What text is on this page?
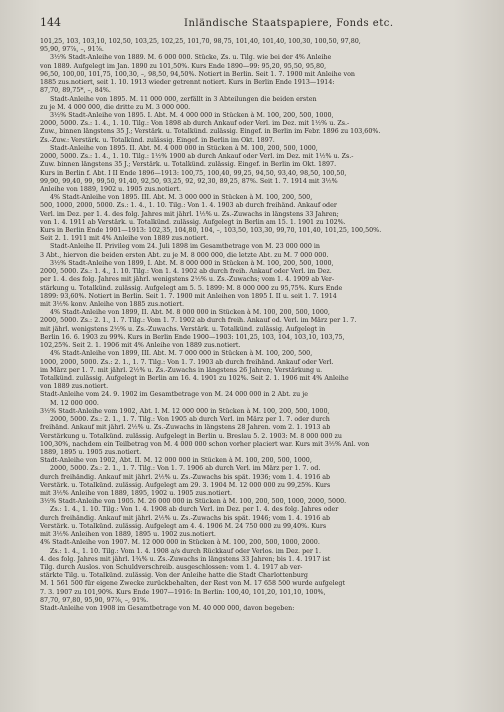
144	Inländische Staatspapiere, Fonds etc.

101,25, 103, 103,10, 102,50, 103,25, 102,25, 101,70, 98,75, 101,40, 101,40, 100,30, 100,50, 97,80,

95,90, 97⅞, –, 91⅞.

3½% Stadt-Anleihe von 1889. M. 6 000 000. Stücke, Zs. u. Tilg. wie bei der 4% Anleihe

von 1889. Aufgelegt im Jan. 1890 zu 101,50%. Kurs Ende 1890—99: 95,20, 95,50, 95,80,

96,50, 100,00, 101,75, 100,30, –, 98,50, 94,50%. Notiert in Berlin. Seit 1. 7. 1900 mit Anleihe von

1885 zus.notiert, seit 1. 10. 1913 wieder getrennt notiert. Kurs in Berlin Ende 1913—1914:

87,70, 89,75*, –, 84%.

Stadt-Anleihe von 1895. M. 11 000 000, zerfällt in 3 Abteilungen die beiden ersten

zu je M. 4 000 000, die dritte zu M. 3 000 000.

3½% Stadt-Anleihe von 1895. I. Abt. M. 4 000 000 in Stücken à M. 100, 200, 500, 1000,

2000, 5000. Zs.: 1. 4., 1. 10. Tilg.: Von 1898 ab durch Ankauf oder Verl. im Dez. mit 1½% u. Zs.-

Zuw., binnen längstens 35 J.; Verstärk. u. Totalkünd. zulässig. Eingef. in Berlin im Febr. 1896 zu 103,60%.

Zs.-Zuw.: Verstärk. u. Totalkünd. zulässig. Eingef. in Berlin im Okt. 1897.

Stadt-Anleihe von 1895. II. Abt. M. 4 000 000 in Stücken à M. 100, 200, 500, 1000,

2000, 5000. Zs.: 1. 4., 1. 10. Tilg.: 1½% 1900 ab durch Ankauf oder Verl. im Dez. mit 1½% u. Zs.-

Zuw. binnen längstens 35 J.; Verstärk. u. Totalkünd. zulässig. Eingef. in Berlin im Okt. 1897.

Kurs in Berlin f. Abt. I II Ende 1896—1913: 100,75, 100,40, 99,25, 94,50, 93,40, 98,50, 100,50,

99,90, 99,40, 99, 99,50, 91,40, 92,50, 93,25, 92, 92,30, 89,25, 87%. Seit 1. 7. 1914 mit 3½%

Anleihe von 1889, 1902 u. 1905 zus.notiert.

4% Stadt-Anleihe von 1895. III. Abt. M. 3 000 000 in Stücken à M. 100, 200, 500,

500, 1000, 2000, 5000. Zs.: 1. 4., 1. 10. Tilg.: Von 1. 4. 1903 ab durch freihänd. Ankauf oder

Verl. im Dez. per 1. 4. des folg. Jahres mit jährl. 1½% u. Zs.-Zuwachs in längstens 33 Jahren;

von 1. 4. 1911 ab Verstärk. u. Totalkünd. zulässig. Aufgelegt in Berlin am 15. 1. 1901 zu 102%.

Kurs in Berlin Ende 1901—1913: 102,35, 104,80, 104, –, 103,50, 103,30, 99,70, 101,40, 101,25, 100,50%.

Seit 2. 1. 1911 mit 4% Anleihe von 1889 zus.notiert.

Stadt-Anleihe II. Privileg vom 24. Juli 1898 im Gesamtbetrage von M. 23 000 000 in

3 Abt., hiervon die beiden ersten Abt. zu je M. 8 000 000, die letzte Abt. zu M. 7 000 000.

3½% Stadt-Anleihe von 1899, I. Abt. M. 8 000 000 in Stücken à M. 100, 200, 500, 1000,

2000, 5000. Zs.: 1. 4., 1. 10. Tilg.: Von 1. 4. 1902 ab durch freih. Ankauf oder Verl. im Dez.

per 1. 4. des folg. Jahres mit jährl. wenigstens 2½% u. Zs.-Zuwachs; vom 1. 4. 1909 ab Ver-

stärkung u. Totalkünd. zulässig. Aufgelegt am 5. 5. 1899: M. 8 000 000 zu 95,75%. Kurs Ende

1899: 93,60%. Notiert in Berlin. Seit 1. 7. 1900 mit Anleihen von 1895 I. II u. seit 1. 7. 1914

mit 3½% konv. Anleihe von 1885 zus.notiert.

4% Stadt-Anleihe von 1899, II. Abt. M. 8 000 000 in Stücken à M. 100, 200, 500, 1000,

2000, 5000. Zs.: 2. 1., 1. 7. Tilg.: Vom 1. 7. 1902 ab durch freih. Ankauf od. Verl. im März per 1. 7.

mit jährl. wenigstens 2½% u. Zs.-Zuwachs. Verstärk. u. Totalkünd. zulässig. Aufgelegt in

Berlin 16. 6. 1903 zu 99%. Kurs in Berlin Ende 1900—1903: 101,25, 103, 104, 103,10, 103,75,

102,25%. Seit 2. 1. 1906 mit 4% Anleihe von 1889 zus.notiert.

4% Stadt-Anleihe von 1899, III. Abt. M. 7 000 000 in Stücken à M. 100, 200, 500,

1000, 2000, 5000. Zs.: 2. 1., 1. 7. Tilg.: Von 1. 7. 1903 ab durch freihänd. Ankauf oder Verl.

im März per 1. 7. mit jährl. 2½% u. Zs.-Zuwachs in längstens 26 Jahren; Verstärkung u.

Totalkünd. zulässig. Aufgelegt in Berlin am 16. 4. 1901 zu 102%. Seit 2. 1. 1906 mit 4% Anleihe

von 1889 zus.notiert.

Stadt-Anleihe vom 24. 9. 1902 im Gesamtbetrage von M. 24 000 000 in 2 Abt. zu je

M. 12 000 000.

3½% Stadt-Anleihe vom 1902, Abt. I. M. 12 000 000 in Stücken à M. 100, 200, 500, 1000,

2000, 5000. Zs.: 2. 1., 1. 7. Tilg.: Von 1905 ab durch Verl. im März per 1. 7. oder durch

freihänd. Ankauf mit jährl. 2½% u. Zs.-Zuwachs in längstens 28 Jahren. vom 2. 1. 1913 ab

Verstärkung u. Totalkünd. zulässig. Aufgelegt in Berlin u. Breslau 5. 2. 1903: M. 8 000 000 zu

100,30%, nachdem ein Teilbetrag von M. 4 000 000 schon vorher placiert war. Kurs mit 3½% Anl. von

1889, 1895 u. 1905 zus.notiert.

Stadt-Anleihe von 1902, Abt. II. M. 12 000 000 in Stücken à M. 100, 200, 500, 1000,

2000, 5000. Zs.: 2. 1., 1. 7. Tilg.: Von 1. 7. 1906 ab durch Verl. im März per 1. 7. od.

durch freihändig. Ankauf mit jährl. 2½% u. Zs.-Zuwachs bis spät. 1936; vom 1. 4. 1916 ab

Verstärk. u. Totalkünd. zulässig. Aufgelegt am 29. 3. 1904 M. 12 000 000 zu 99,25%. Kurs

mit 3½% Anleihe von 1889, 1895, 1902 u. 1905 zus.notiert.

3½% Stadt-Anleihe von 1905. M. 26 000 000 in Stücken à M. 100, 200, 500, 1000, 2000, 5000.

Zs.: 1. 4., 1. 10. Tilg.: Von 1. 4. 1908 ab durch Verl. im Dez. per 1. 4. des folg. Jahres oder

durch freihändig. Ankauf mit jährl. 2½% u. Zs.-Zuwachs bis spät. 1946; vom 1. 4. 1916 ab

Verstärk. u. Totalkünd. zulässig. Aufgelegt am 4. 4. 1906 M. 24 750 000 zu 99,40%. Kurs

mit 3½% Anleihen von 1889, 1895 u. 1902 zus.notiert.

4% Stadt-Anleihe von 1907. M. 12 000 000 in Stücken à M. 100, 200, 500, 1000, 2000.

Zs.: 1. 4., 1. 10. Tilg.: Vom 1. 4. 1908 a/s durch Rückkauf oder Verlos. im Dez. per 1.

4. des folg. Jahres mit jährl. 1¾% u. Zs.-Zuwachs in längstens 33 Jahren; bis 1. 4. 1917 ist

Tilg. durch Auslos. von Schuldverschreib. ausgeschlossen: vom 1. 4. 1917 ab ver-

stärkte Tilg. u. Totalkünd. zulässig. Von der Anleihe hatte die Stadt Charlottenburg

M. 1 561 500 für eigene Zwecke zurückbehalten, der Rest von M. 17 658 500 wurde aufgelegt

7. 3. 1907 zu 101,90%. Kurs Ende 1907—1916: In Berlin: 100,40, 101,20, 101,10, 100%,

87,70, 97,80, 95,90, 97⅞, –, 91%.

Stadt-Anleihe von 1908 im Gesamtbetrage von M. 40 000 000, davon begeben:
